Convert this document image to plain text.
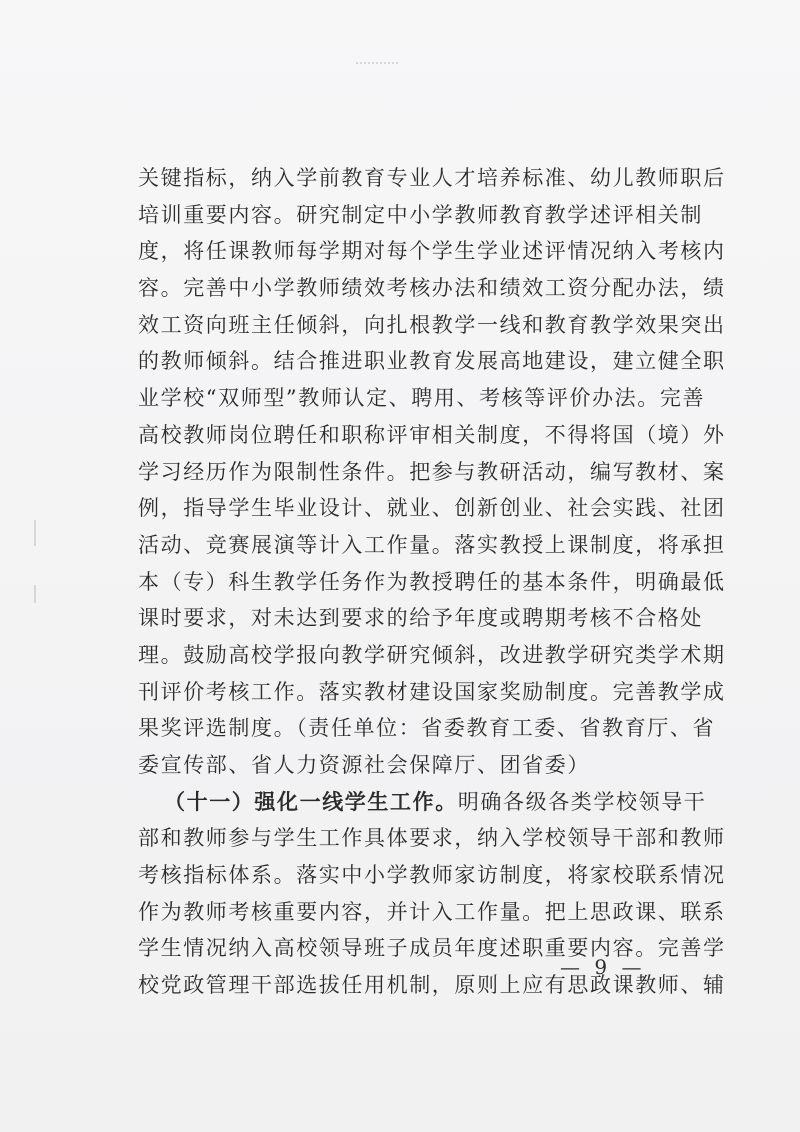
关键指标，纳入学前教育专业人才培养标准、幼儿教师职后
培训重要内容。研究制定中小学教师教育教学述评相关制
度，将任课教师每学期对每个学生学业述评情况纳入考核内
容。完善中小学教师绩效考核办法和绩效工资分配办法，绩
效工资向班主任倾斜，向扎根教学一线和教育教学效果突出
的教师倾斜。结合推进职业教育发展高地建设，建立健全职
业学校“双师型”教师认定、聘用、考核等评价办法。完善
高校教师岗位聘任和职称评审相关制度，不得将国（境）外
学习经历作为限制性条件。把参与教研活动，编写教材、案
例，指导学生毕业设计、就业、创新创业、社会实践、社团
活动、竞赛展演等计入工作量。落实教授上课制度，将承担
本（专）科生教学任务作为教授聘任的基本条件，明确最低
课时要求，对未达到要求的给予年度或聘期考核不合格处
理。鼓励高校学报向教学研究倾斜，改进教学研究类学术期
刊评价考核工作。落实教材建设国家奖励制度。完善教学成
果奖评选制度。（责任单位：省委教育工委、省教育厅、省
委宣传部、省人力资源社会保障厅、团省委）
（十一）强化一线学生工作。明确各级各类学校领导干
部和教师参与学生工作具体要求，纳入学校领导干部和教师
考核指标体系。落实中小学教师家访制度，将家校联系情况
作为教师考核重要内容，并计入工作量。把上思政课、联系
学生情况纳入高校领导班子成员年度述职重要内容。完善学
校党政管理干部选拔任用机制，原则上应有思政课教师、辅
— 9 —
